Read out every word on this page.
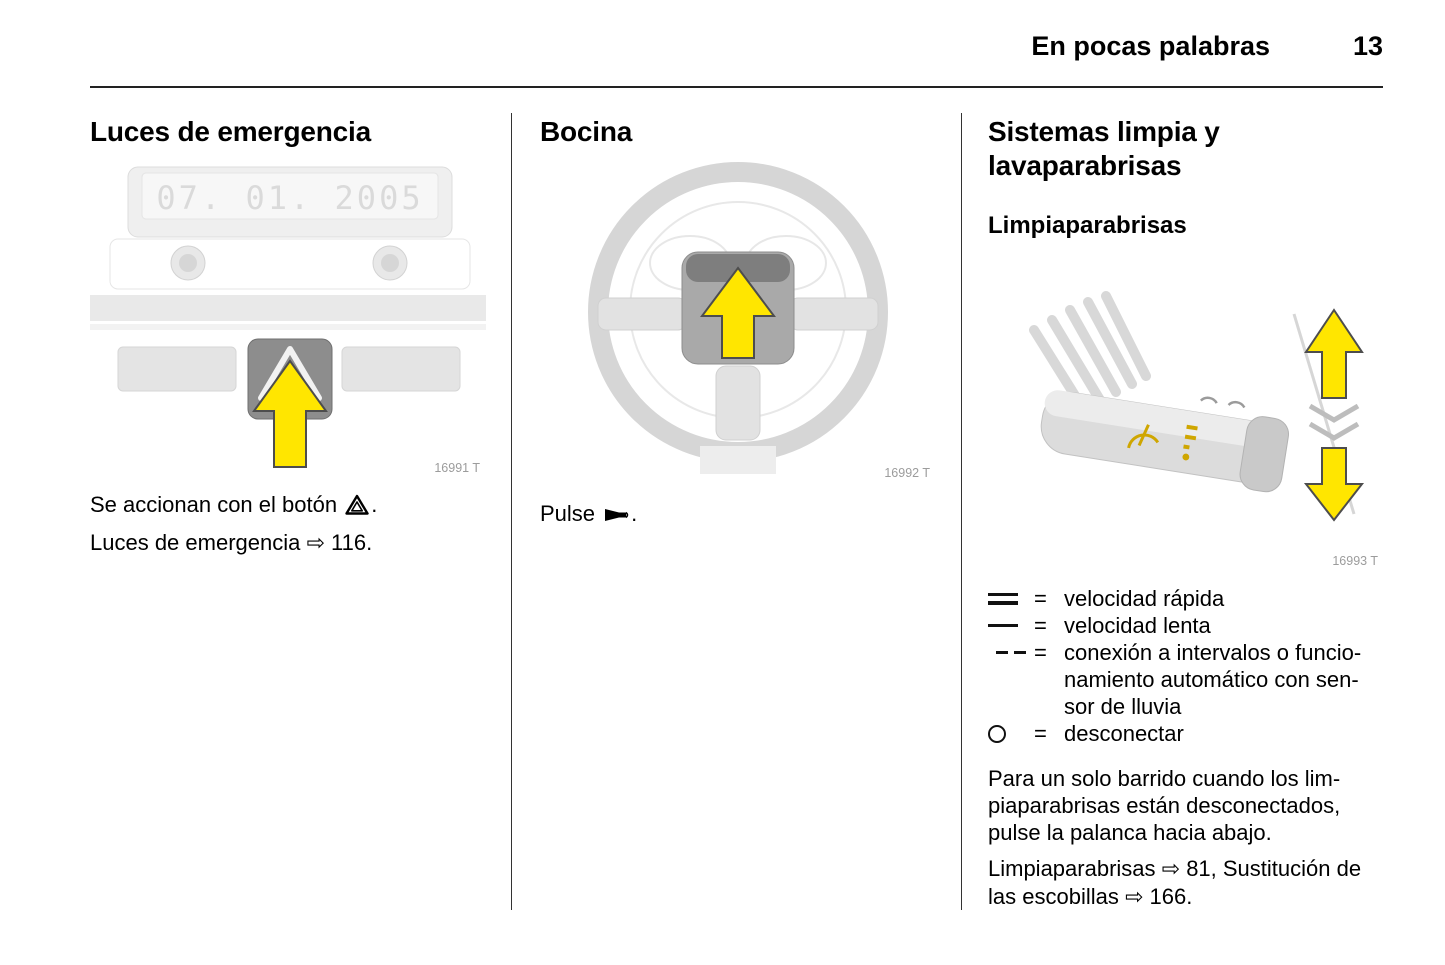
En pocas palabras	13
Luces de emergencia
07. 01. 2005
16991 T

Se accionan con el botón .

Luces de emergencia ⇨ 116.

Bocina
16992 T

Pulse .

Sistemas limpia y lavaparabrisas
Limpiaparabrisas
16993 T
= velocidad rápida
= velocidad lenta
= conexión a intervalos o funcio-
namiento automático con sen-
sor de lluvia
= desconectar

Para un solo barrido cuando los lim-
piaparabrisas están desconectados,
pulse la palanca hacia abajo.

Limpiaparabrisas ⇨ 81, Sustitución de las escobillas ⇨ 166.
